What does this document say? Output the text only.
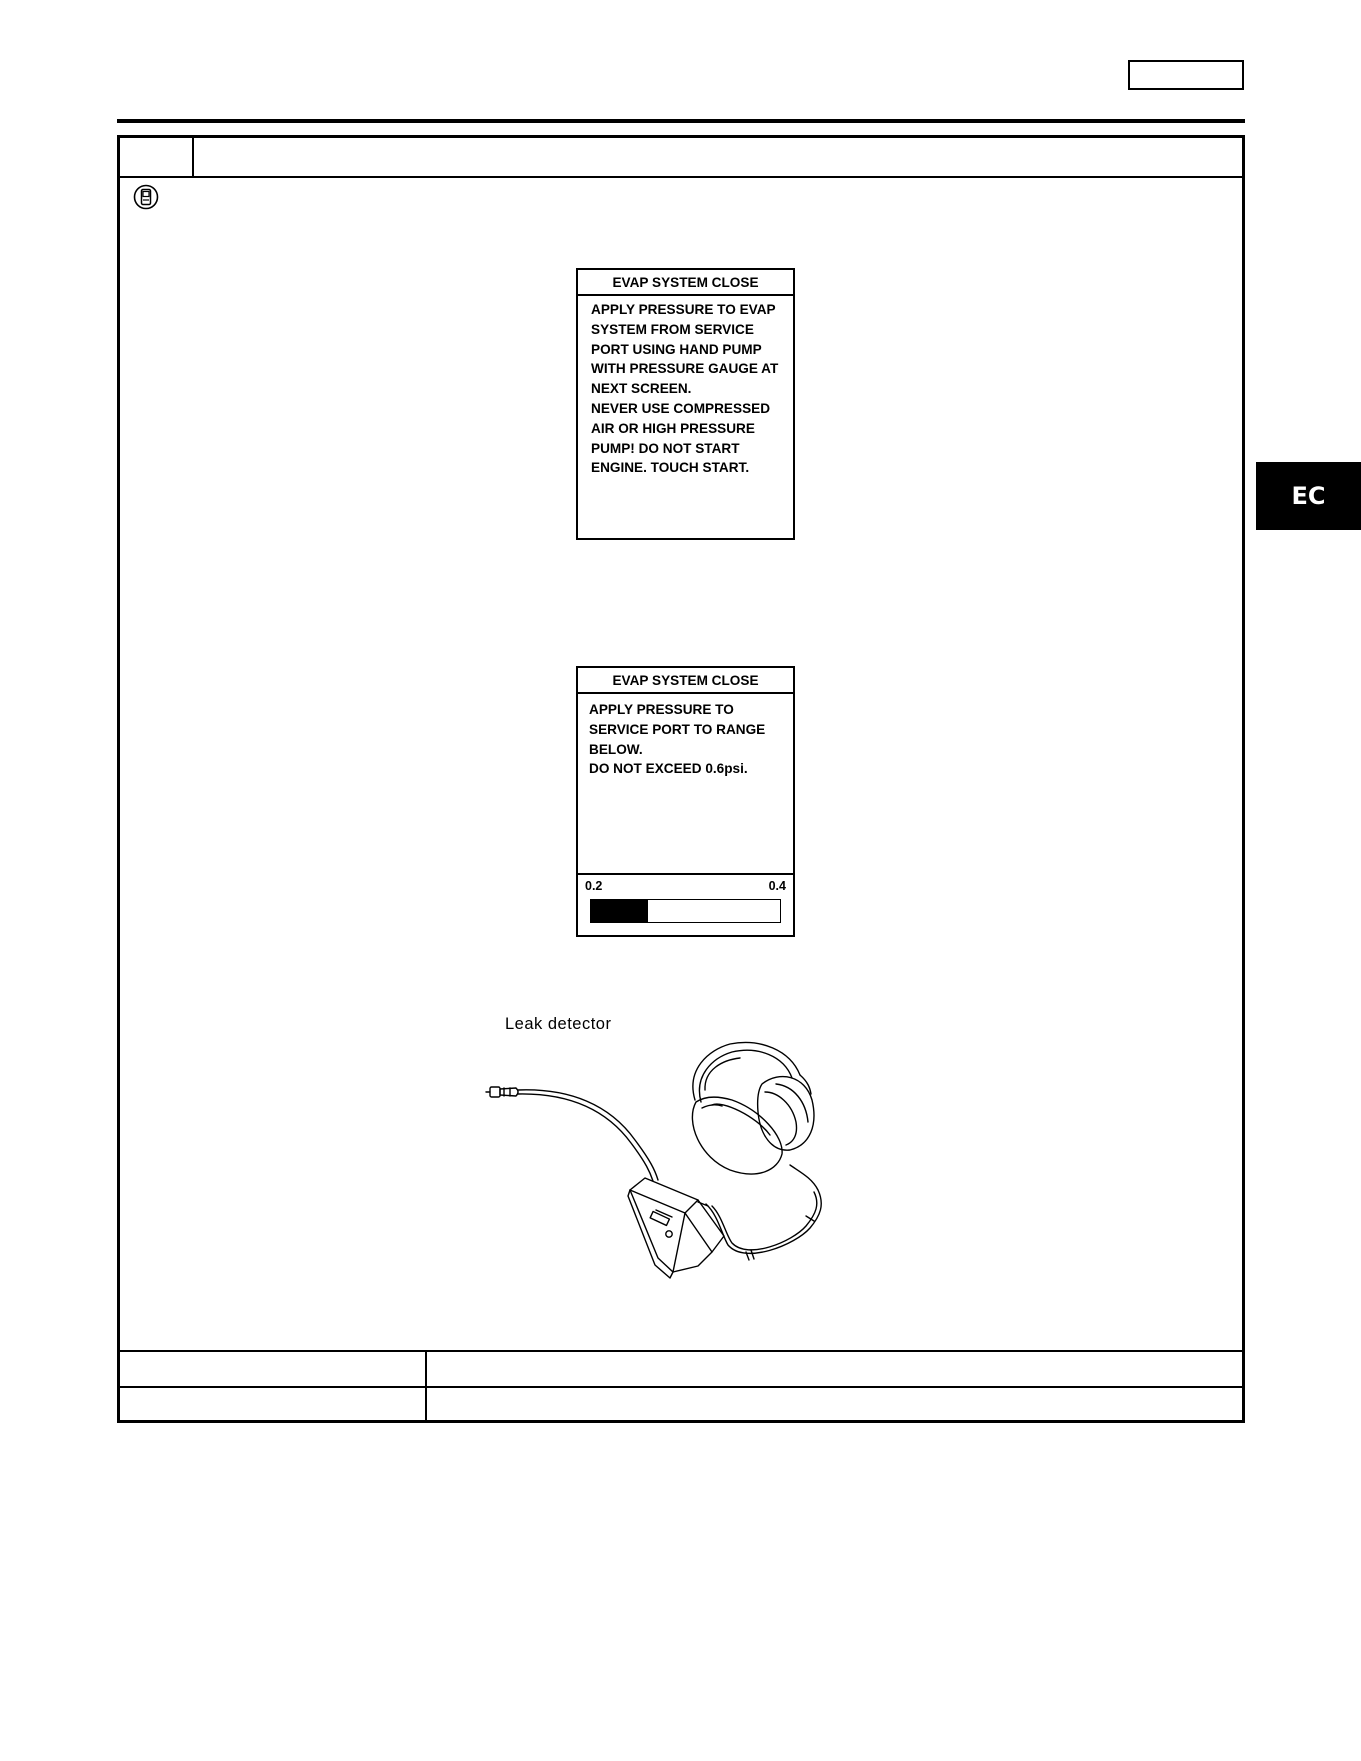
EC
EVAP SYSTEM CLOSE
APPLY PRESSURE TO EVAP
SYSTEM FROM SERVICE
PORT USING HAND PUMP
WITH PRESSURE GAUGE AT
NEXT SCREEN.
NEVER USE COMPRESSED
AIR OR HIGH PRESSURE
PUMP! DO NOT START
ENGINE. TOUCH START.
EVAP SYSTEM CLOSE
APPLY PRESSURE TO
SERVICE PORT TO RANGE
BELOW.
DO NOT EXCEED 0.6psi.
0.2	0.4
Leak detector
